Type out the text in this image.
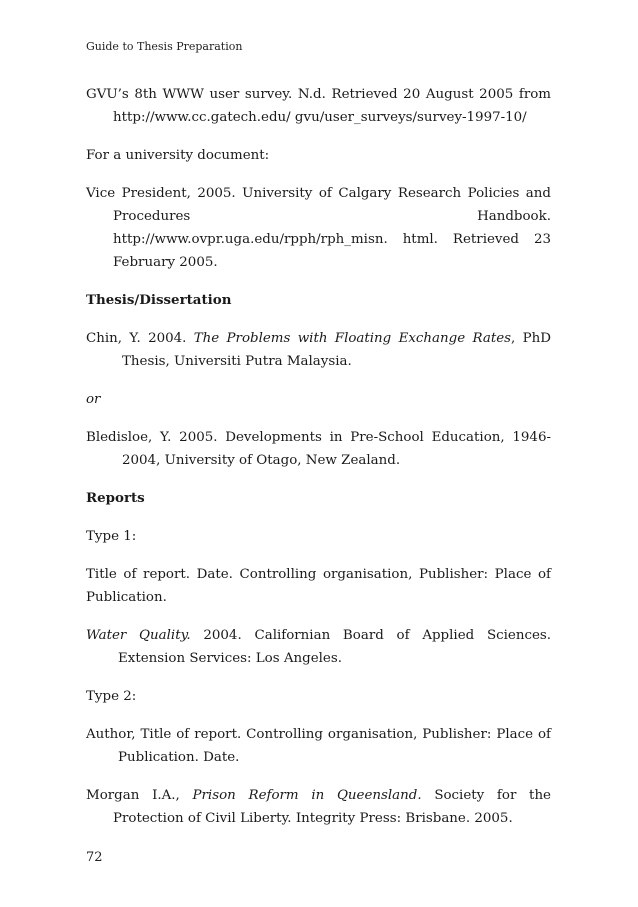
Guide to Thesis Preparation

GVU’s 8th WWW user survey. N.d. Retrieved 20 August 2005 from http://www.cc.gatech.edu/ gvu/user_surveys/survey-1997-10/

For a university document:

Vice President, 2005. University of Calgary Research Policies and
Procedures Handbook.
http://www.ovpr.uga.edu/rpph/rph_misn. html. Retrieved 23 February 2005.

Thesis/Dissertation

Chin, Y. 2004. The Problems with Floating Exchange Rates, PhD Thesis, Universiti Putra Malaysia.

or

Bledisloe, Y. 2005. Developments in Pre-School Education, 1946-2004, University of Otago, New Zealand.

Reports

Type 1:

Title of report. Date. Controlling organisation, Publisher: Place of Publication.

Water Quality. 2004. Californian Board of Applied Sciences. Extension Services: Los Angeles.

Type 2:

Author, Title of report. Controlling organisation, Publisher: Place of Publication. Date.

Morgan I.A., Prison Reform in Queensland. Society for the Protection of Civil Liberty. Integrity Press: Brisbane. 2005.

72
